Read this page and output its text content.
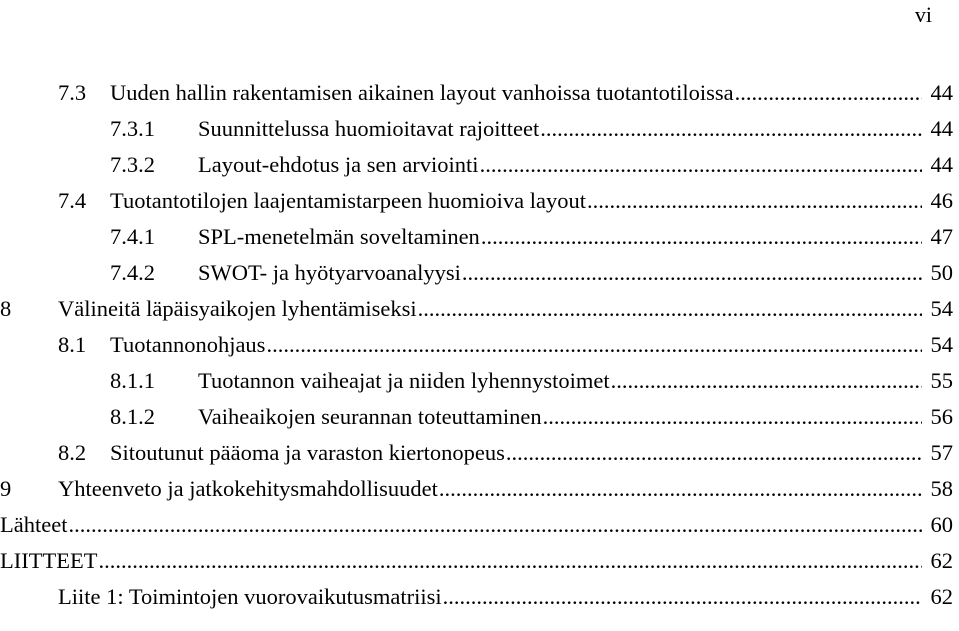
vi
7.3 Uuden hallin rakentamisen aikainen layout vanhoissa tuotantotiloissa .....	44
7.3.1 Suunnittelussa huomioitavat rajoitteet .....	44
7.3.2 Layout-ehdotus ja sen arviointi .....	44
7.4 Tuotantotilojen laajentamistarpeen huomioiva layout .....	46
7.4.1 SPL-menetelmän soveltaminen .....	47
7.4.2 SWOT- ja hyötyarvoanalyysi .....	50
8 Välineitä läpäisyaikojen lyhentämiseksi .....	54
8.1 Tuotannonohjaus .....	54
8.1.1 Tuotannon vaiheajat ja niiden lyhennystoimet .....	55
8.1.2 Vaiheaikojen seurannan toteuttaminen .....	56
8.2 Sitoutunut pääoma ja varaston kiertonopeus .....	57
9 Yhteenveto ja jatkokehitysmahdollisuudet .....	58
Lähteet .....	60
LIITTEET .....	62
Liite 1: Toimintojen vuorovaikutusmatriisi .....	62
